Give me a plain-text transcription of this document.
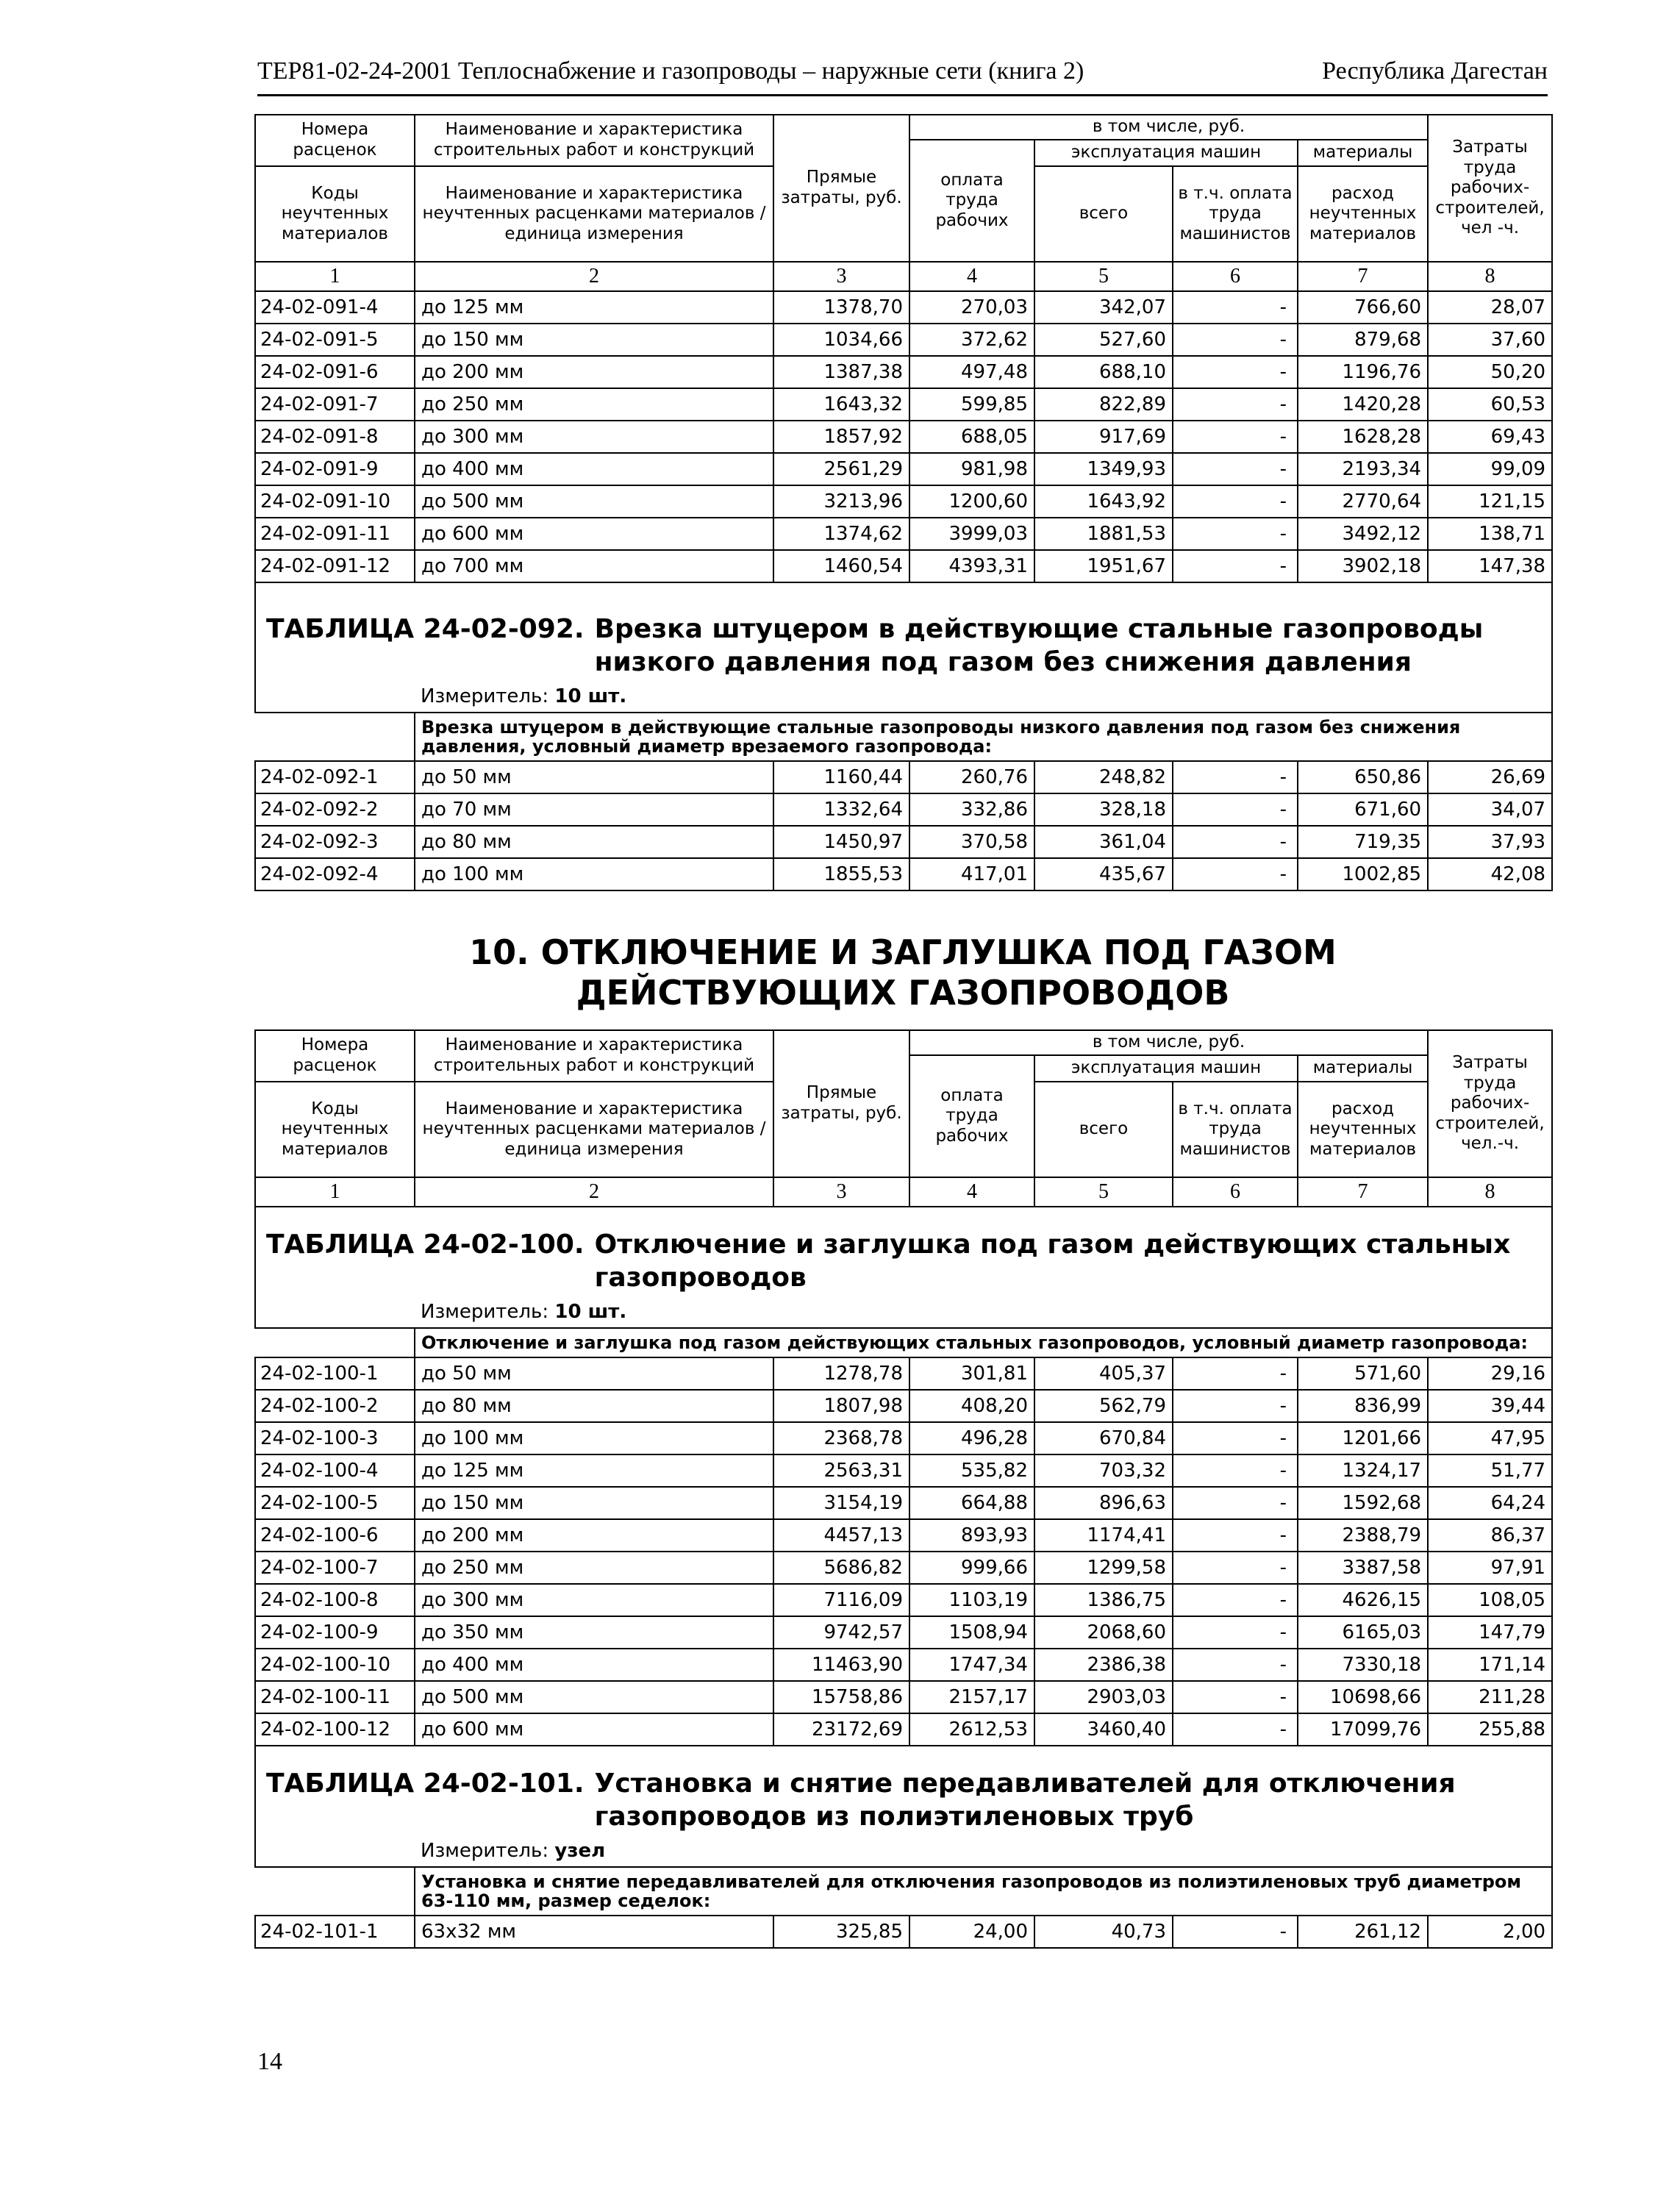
ТЕР81-02-24-2001 Теплоснабжение и газопроводы – наружные сети (книга 2)	Республика Дагестан
Номера расценок	Наименование и характеристика строительных работ и конструкций	Прямые затраты, руб.	в том числе, руб.				Затраты труда рабочих-строителей, чел -ч.
			оплата труда рабочих	эксплуатация машин		материалы	
Коды неучтенных материалов	Наименование и характеристика неучтенных расценками материалов / единица измерения			всего	в т.ч. оплата труда машинистов	расход неучтенных материалов	

1	2	3	4	5	6	7	8
24-02-091-4	до 125 мм	1378,70	270,03	342,07	-	766,60	28,07
24-02-091-5	до 150 мм	1034,66	372,62	527,60	-	879,68	37,60
24-02-091-6	до 200 мм	1387,38	497,48	688,10	-	1196,76	50,20
24-02-091-7	до 250 мм	1643,32	599,85	822,89	-	1420,28	60,53
24-02-091-8	до 300 мм	1857,92	688,05	917,69	-	1628,28	69,43
24-02-091-9	до 400 мм	2561,29	981,98	1349,93	-	2193,34	99,09
24-02-091-10	до 500 мм	3213,96	1200,60	1643,92	-	2770,64	121,15
24-02-091-11	до 600 мм	1374,62	3999,03	1881,53	-	3492,12	138,71
24-02-091-12	до 700 мм	1460,54	4393,31	1951,67	-	3902,18	147,38

ТАБЛИЦА 24-02-092. Врезка штуцером в действующие стальные газопроводы низкого давления под газом без снижения давления
Измеритель: 10 шт.							

	Врезка штуцером в действующие стальные газопроводы низкого давления под газом без снижения давления, условный диаметр врезаемого газопровода:						
24-02-092-1	до 50 мм	1160,44	260,76	248,82	-	650,86	26,69
24-02-092-2	до 70 мм	1332,64	332,86	328,18	-	671,60	34,07
24-02-092-3	до 80 мм	1450,97	370,58	361,04	-	719,35	37,93
24-02-092-4	до 100 мм	1855,53	417,01	435,67	-	1002,85	42,08
10. ОТКЛЮЧЕНИЕ И ЗАГЛУШКА ПОД ГАЗОМ
ДЕЙСТВУЮЩИХ ГАЗОПРОВОДОВ
Номера расценок	Наименование и характеристика строительных работ и конструкций	Прямые затраты, руб.	в том числе, руб.				Затраты труда рабочих-строителей, чел.-ч.
			оплата труда рабочих	эксплуатация машин		материалы	
Коды неучтенных материалов	Наименование и характеристика неучтенных расценками материалов / единица измерения			всего	в т.ч. оплата труда машинистов	расход неучтенных материалов	

1	2	3	4	5	6	7	8

ТАБЛИЦА 24-02-100. Отключение и заглушка под газом действующих стальных газопроводов
Измеритель: 10 шт.							

	Отключение и заглушка под газом действующих стальных газопроводов, условный диаметр газопровода:						
24-02-100-1	до 50 мм	1278,78	301,81	405,37	-	571,60	29,16
24-02-100-2	до 80 мм	1807,98	408,20	562,79	-	836,99	39,44
24-02-100-3	до 100 мм	2368,78	496,28	670,84	-	1201,66	47,95
24-02-100-4	до 125 мм	2563,31	535,82	703,32	-	1324,17	51,77
24-02-100-5	до 150 мм	3154,19	664,88	896,63	-	1592,68	64,24
24-02-100-6	до 200 мм	4457,13	893,93	1174,41	-	2388,79	86,37
24-02-100-7	до 250 мм	5686,82	999,66	1299,58	-	3387,58	97,91
24-02-100-8	до 300 мм	7116,09	1103,19	1386,75	-	4626,15	108,05
24-02-100-9	до 350 мм	9742,57	1508,94	2068,60	-	6165,03	147,79
24-02-100-10	до 400 мм	11463,90	1747,34	2386,38	-	7330,18	171,14
24-02-100-11	до 500 мм	15758,86	2157,17	2903,03	-	10698,66	211,28
24-02-100-12	до 600 мм	23172,69	2612,53	3460,40	-	17099,76	255,88

ТАБЛИЦА 24-02-101. Установка и снятие передавливателей для отключения газопроводов из полиэтиленовых труб
Измеритель: узел							

	Установка и снятие передавливателей для отключения газопроводов из полиэтиленовых труб диаметром 63-110 мм, размер седелок:						
24-02-101-1	63х32 мм	325,85	24,00	40,73	-	261,12	2,00
14
